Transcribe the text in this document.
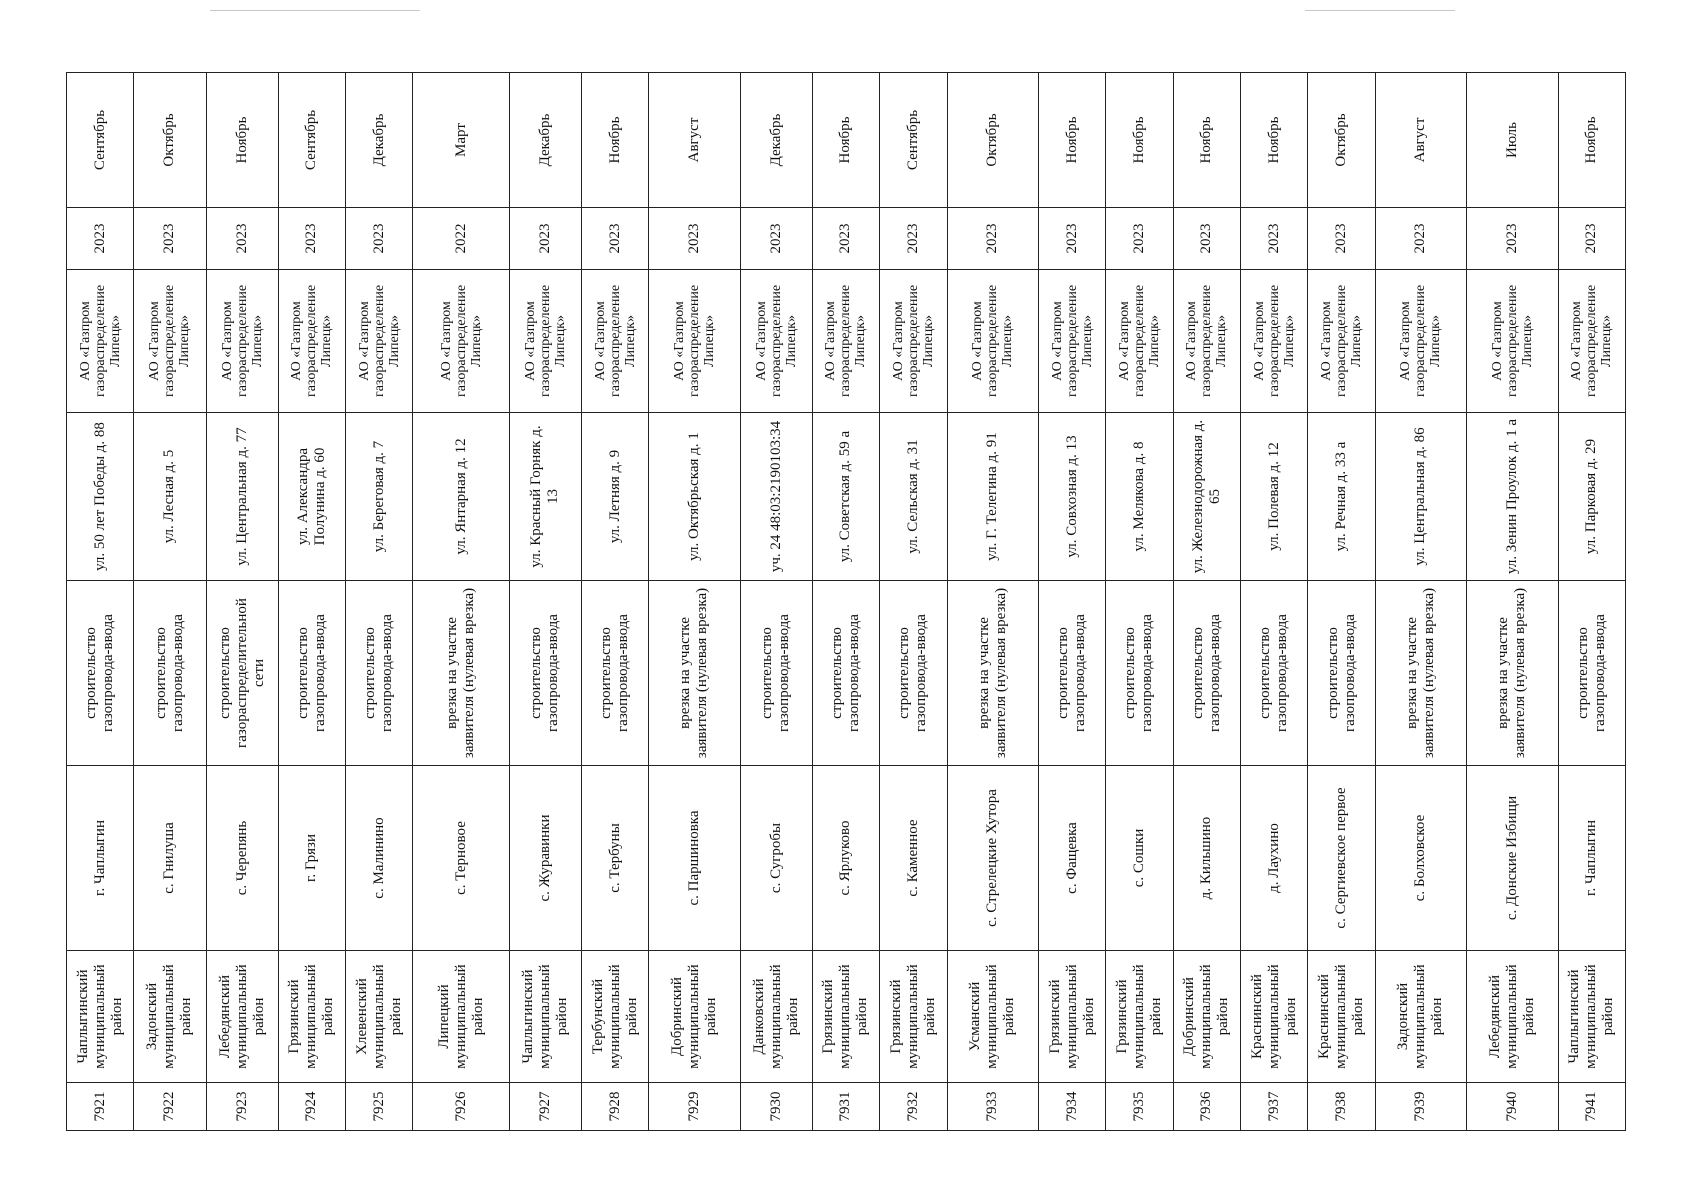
7921	Чаплыгинский муниципальный район	г. Чаплыгин	строительство газопровода-ввода	ул. 50 лет Победы д. 88	АО «Газпром газораспределение Липецк»	2023	Сентябрь
7922	Задонский муниципальный район	с. Гнилуша	строительство газопровода-ввода	ул. Лесная д. 5	АО «Газпром газораспределение Липецк»	2023	Октябрь
7923	Лебедянский муниципальный район	с. Черепянь	строительство газораспределительной сети	ул. Центральная д. 77	АО «Газпром газораспределение Липецк»	2023	Ноябрь
7924	Грязинский муниципальный район	г. Грязи	строительство газопровода-ввода	ул. Александра Полунина д. 60	АО «Газпром газораспределение Липецк»	2023	Сентябрь
7925	Хлевенский муниципальный район	с. Малинино	строительство газопровода-ввода	ул. Береговая д. 7	АО «Газпром газораспределение Липецк»	2023	Декабрь
7926	Липецкий муниципальный район	с. Терновое	врезка на участке заявителя (нулевая врезка)	ул. Янтарная д. 12	АО «Газпром газораспределение Липецк»	2022	Март
7927	Чаплыгинский муниципальный район	с. Журавинки	строительство газопровода-ввода	ул. Красный Горняк д. 13	АО «Газпром газораспределение Липецк»	2023	Декабрь
7928	Тербунский муниципальный район	с. Тербуны	строительство газопровода-ввода	ул. Летняя д. 9	АО «Газпром газораспределение Липецк»	2023	Ноябрь
7929	Добринский муниципальный район	с. Паршиновка	врезка на участке заявителя (нулевая врезка)	ул. Октябрьская д. 1	АО «Газпром газораспределение Липецк»	2023	Август
7930	Данковский муниципальный район	с. Сугробы	строительство газопровода-ввода	уч. 24 48:03:2190103:34	АО «Газпром газораспределение Липецк»	2023	Декабрь
7931	Грязинский муниципальный район	с. Ярлуково	строительство газопровода-ввода	ул. Советская д. 59 а	АО «Газпром газораспределение Липецк»	2023	Ноябрь
7932	Грязинский муниципальный район	с. Каменное	строительство газопровода-ввода	ул. Сельская д. 31	АО «Газпром газораспределение Липецк»	2023	Сентябрь
7933	Усманский муниципальный район	с. Стрелецкие Хутора	врезка на участке заявителя (нулевая врезка)	ул. Г. Телегина д. 91	АО «Газпром газораспределение Липецк»	2023	Октябрь
7934	Грязинский муниципальный район	с. Фащевка	строительство газопровода-ввода	ул. Совхозная д. 13	АО «Газпром газораспределение Липецк»	2023	Ноябрь
7935	Грязинский муниципальный район	с. Сошки	строительство газопровода-ввода	ул. Мелякова д. 8	АО «Газпром газораспределение Липецк»	2023	Ноябрь
7936	Добринский муниципальный район	д. Кильшино	строительство газопровода-ввода	ул. Железнодорожная д. 65	АО «Газпром газораспределение Липецк»	2023	Ноябрь
7937	Краснинский муниципальный район	д. Лаухино	строительство газопровода-ввода	ул. Полевая д. 12	АО «Газпром газораспределение Липецк»	2023	Ноябрь
7938	Краснинский муниципальный район	с. Сергиевское первое	строительство газопровода-ввода	ул. Речная д. 33 а	АО «Газпром газораспределение Липецк»	2023	Октябрь
7939	Задонский муниципальный район	с. Болховское	врезка на участке заявителя (нулевая врезка)	ул. Центральная д. 86	АО «Газпром газораспределение Липецк»	2023	Август
7940	Лебедянский муниципальный район	с. Донские Избищи	врезка на участке заявителя (нулевая врезка)	ул. Зенин Проулок д. 1 а	АО «Газпром газораспределение Липецк»	2023	Июль
7941	Чаплыгинский муниципальный район	г. Чаплыгин	строительство газопровода-ввода	ул. Парковая д. 29	АО «Газпром газораспределение Липецк»	2023	Ноябрь
